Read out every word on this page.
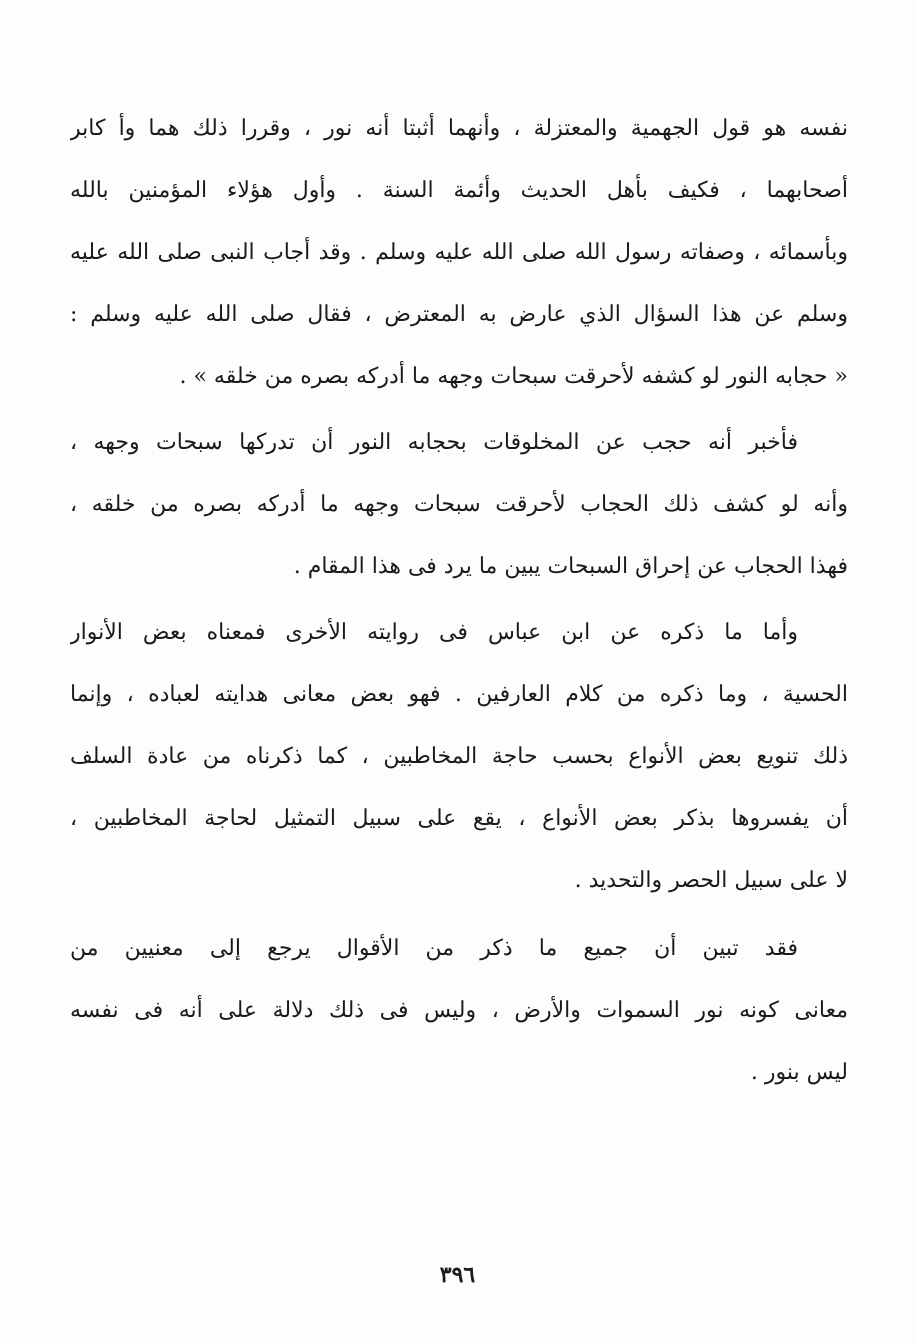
نفسه هو قول الجهمية والمعتزلة ، وأنهما أثبتا أنه نور ، وقررا ذلك هما وأ كابر
أصحابهما ، فكيف بأهل الحديث وأئمة السنة . وأول هؤلاء المؤمنين بالله
وبأسمائه ، وصفاته رسول الله صلى الله عليه وسلم . وقد أجاب النبى صلى الله عليه
وسلم عن هذا السؤال الذي عارض به المعترض ، فقال صلى الله عليه وسلم :
« حجابه النور لو كشفه لأحرقت سبحات وجهه ما أدركه بصره من خلقه » .
فأخبر أنه حجب عن المخلوقات بحجابه النور أن تدركها سبحات وجهه ،
وأنه لو كشف ذلك الحجاب لأحرقت سبحات وجهه ما أدركه بصره من خلقه ،
فهذا الحجاب عن إحراق السبحات يبين ما يرد فى هذا المقام .
وأما ما ذكره عن ابن عباس فى روايته الأخرى فمعناه بعض الأنوار
الحسية ، وما ذكره من كلام العارفين . فهو بعض معانى هدايته لعباده ، وإنما
ذلك تنويع بعض الأنواع بحسب حاجة المخاطبين ، كما ذكرناه من عادة السلف
أن يفسروها بذكر بعض الأنواع ، يقع على سبيل التمثيل لحاجة المخاطبين ،
لا على سبيل الحصر والتحديد .
فقد تبين أن جميع ما ذكر من الأقوال يرجع إلى معنيين من
معانى كونه نور السموات والأرض ، وليس فى ذلك دلالة على أنه فى نفسه
ليس بنور .
٣٩٦
